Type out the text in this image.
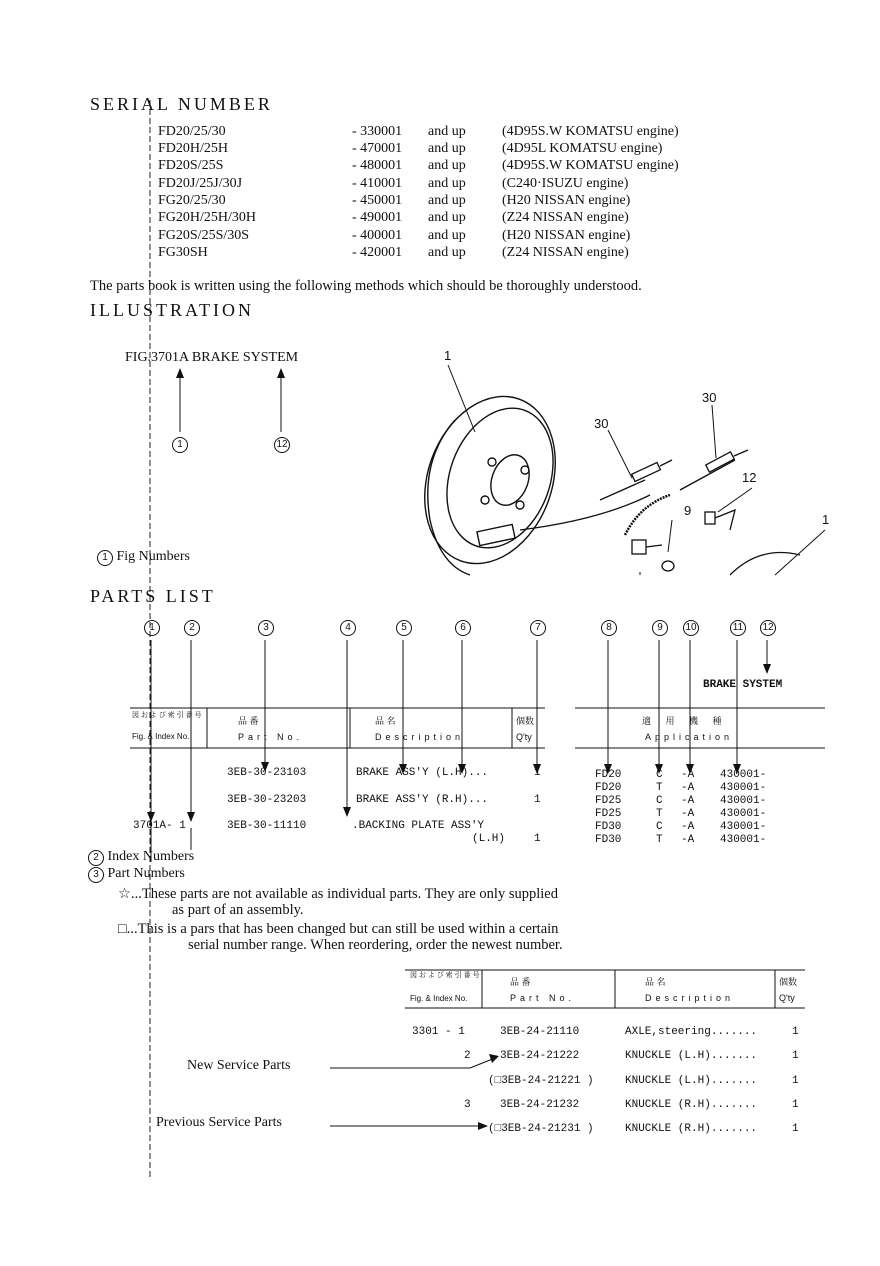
SERIAL NUMBER
FD20/25/30	- 330001 and up	(4D95S.W KOMATSU engine)
FD20H/25H	- 470001 and up	(4D95L KOMATSU engine)
FD20S/25S	- 480001 and up	(4D95S.W KOMATSU engine)
FD20J/25J/30J	- 410001 and up	(C240·ISUZU engine)
FG20/25/30	- 450001 and up	(H20 NISSAN engine)
FG20H/25H/30H	- 490001 and up	(Z24 NISSAN engine)
FG20S/25S/30S	- 400001 and up	(H20 NISSAN engine)
FG30SH	- 420001 and up	(Z24 NISSAN engine)
The parts book is written using the following methods which should be thoroughly understood.
ILLUSTRATION
FIG.3701A BRAKE SYSTEM
1	12
1 Fig Numbers
1
30
30
12
9
1
PARTS LIST
1	2	3	4	5	6	7	8	9	10	11 12
BRAKE SYSTEM
図 お よ び 索 引 番 号
Fig. & Index No.
品 番
Part No.
品 名
Description
個数
Q'ty
適 用 機 種
Application
3EB-30-23103	BRAKE ASS'Y (L.H)...	1
3EB-30-23203	BRAKE ASS'Y (R.H)...	1
3701A- 1	3EB-30-11110	.BACKING PLATE ASS'Y
(L.H)	1
FD20	C -A 430001-
FD20	T -A 430001-
FD25	C -A 430001-
FD25	T -A 430001-
FD30	C -A 430001-
FD30	T -A 430001-
2 Index Numbers
3 Part Numbers
☆...These parts are not available as individual parts. They are only supplied
as part of an assembly.
□...This is a pars that has been changed but can still be used within a certain
serial number range. When reordering, order the newest number.
図 お よ び 索 引 番 号
Fig. & Index No.
品 番
Part No.
品 名
Description
個数
Q'ty
3301 - 1	3EB-24-21110	AXLE,steering.......	1
2	3EB-24-21222	KNUCKLE (L.H).......	1
(□3EB-24-21221 )	KNUCKLE (L.H).......	1
3	3EB-24-21232	KNUCKLE (R.H).......	1
(□3EB-24-21231 )	KNUCKLE (R.H).......	1
New Service Parts
Previous Service Parts
